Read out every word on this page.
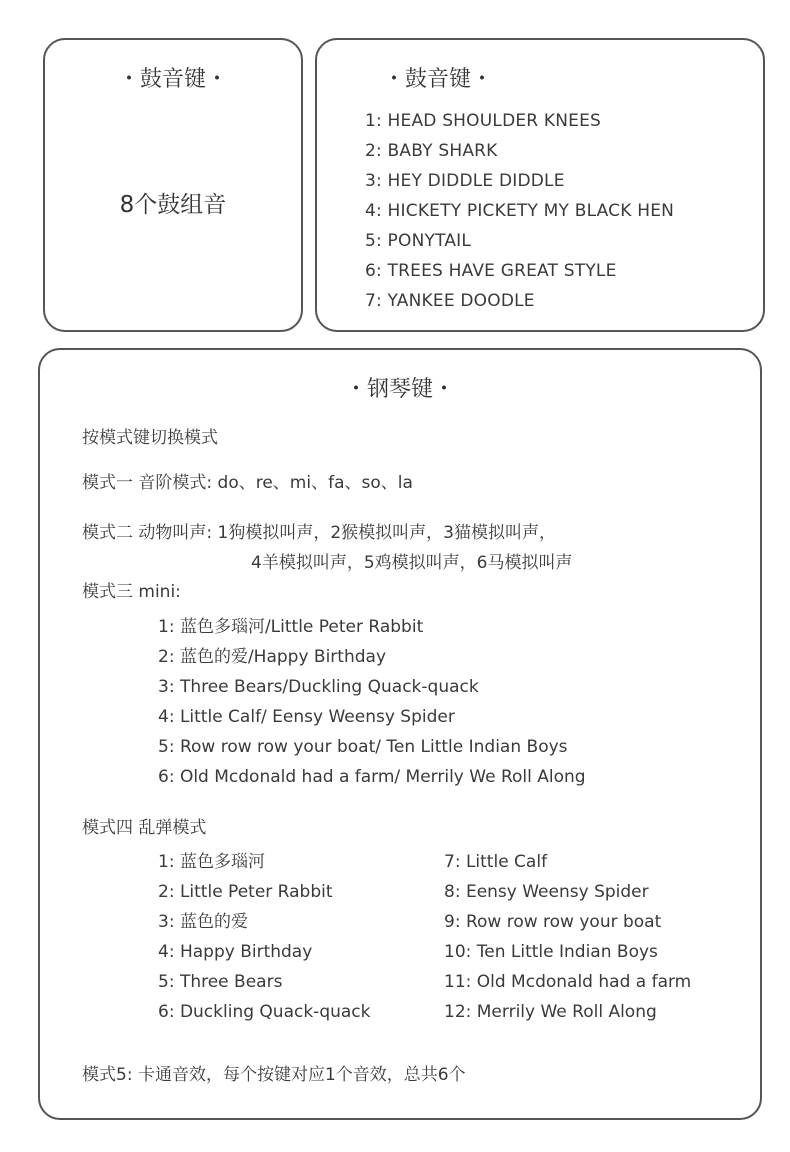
・鼓音键・
8个鼓组音
・鼓音键・
1: HEAD SHOULDER KNEES
2: BABY SHARK
3: HEY DIDDLE DIDDLE
4: HICKETY PICKETY MY BLACK HEN
5: PONYTAIL
6: TREES HAVE GREAT STYLE
7: YANKEE DOODLE
・钢琴键・
按模式键切换模式
模式一 音阶模式: do、re、mi、fa、so、la
模式二 动物叫声: 1狗模拟叫声，2猴模拟叫声，3猫模拟叫声，
4羊模拟叫声，5鸡模拟叫声，6马模拟叫声
模式三 mini:
1: 蓝色多瑙河/Little Peter Rabbit
2: 蓝色的爱/Happy Birthday
3: Three Bears/Duckling Quack-quack
4: Little Calf/ Eensy Weensy Spider
5: Row row row your boat/ Ten Little Indian Boys
6: Old Mcdonald had a farm/ Merrily We Roll Along
模式四 乱弹模式
1: 蓝色多瑙河
2: Little Peter Rabbit
3: 蓝色的爱
4: Happy Birthday
5: Three Bears
6: Duckling Quack-quack
7: Little Calf
8: Eensy Weensy Spider
9: Row row row your boat
10: Ten Little Indian Boys
11: Old Mcdonald had a farm
12: Merrily We Roll Along
模式5: 卡通音效，每个按键对应1个音效，总共6个
